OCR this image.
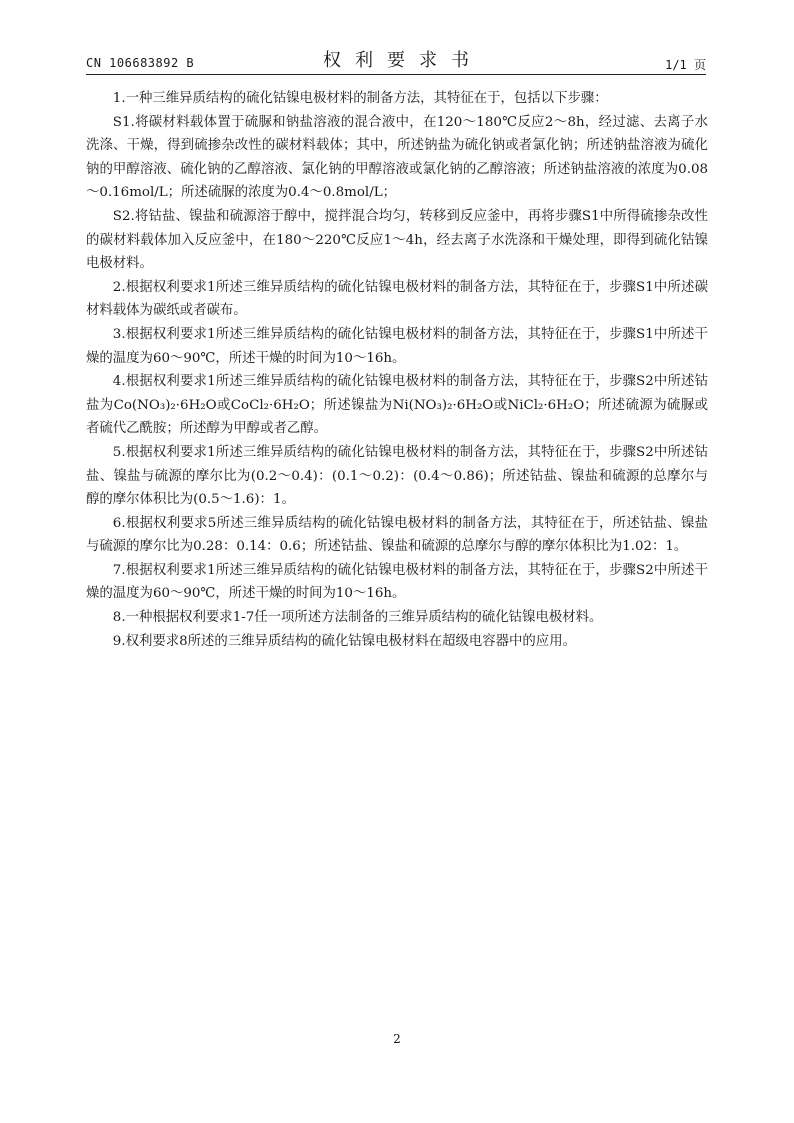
CN 106683892 B	权利要求书	1/1 页

1.一种三维异质结构的硫化钴镍电极材料的制备方法，其特征在于，包括以下步骤：

S1.将碳材料载体置于硫脲和钠盐溶液的混合液中，在120～180℃反应2～8h，经过滤、去离子水洗涤、干燥，得到硫掺杂改性的碳材料载体；其中，所述钠盐为硫化钠或者氯化钠；所述钠盐溶液为硫化钠的甲醇溶液、硫化钠的乙醇溶液、氯化钠的甲醇溶液或氯化钠的乙醇溶液；所述钠盐溶液的浓度为0.08～0.16mol/L；所述硫脲的浓度为0.4～0.8mol/L；

S2.将钴盐、镍盐和硫源溶于醇中，搅拌混合均匀，转移到反应釜中，再将步骤S1中所得硫掺杂改性的碳材料载体加入反应釜中，在180～220℃反应1～4h，经去离子水洗涤和干燥处理，即得到硫化钴镍电极材料。

2.根据权利要求1所述三维异质结构的硫化钴镍电极材料的制备方法，其特征在于，步骤S1中所述碳材料载体为碳纸或者碳布。

3.根据权利要求1所述三维异质结构的硫化钴镍电极材料的制备方法，其特征在于，步骤S1中所述干燥的温度为60～90℃，所述干燥的时间为10～16h。

4.根据权利要求1所述三维异质结构的硫化钴镍电极材料的制备方法，其特征在于，步骤S2中所述钴盐为Co(NO₃)₂·6H₂O或CoCl₂·6H₂O；所述镍盐为Ni(NO₃)₂·6H₂O或NiCl₂·6H₂O；所述硫源为硫脲或者硫代乙酰胺；所述醇为甲醇或者乙醇。

5.根据权利要求1所述三维异质结构的硫化钴镍电极材料的制备方法，其特征在于，步骤S2中所述钴盐、镍盐与硫源的摩尔比为(0.2～0.4)：(0.1～0.2)：(0.4～0.86)；所述钴盐、镍盐和硫源的总摩尔与醇的摩尔体积比为(0.5～1.6)：1。

6.根据权利要求5所述三维异质结构的硫化钴镍电极材料的制备方法，其特征在于，所述钴盐、镍盐与硫源的摩尔比为0.28：0.14：0.6；所述钴盐、镍盐和硫源的总摩尔与醇的摩尔体积比为1.02：1。

7.根据权利要求1所述三维异质结构的硫化钴镍电极材料的制备方法，其特征在于，步骤S2中所述干燥的温度为60～90℃，所述干燥的时间为10～16h。

8.一种根据权利要求1-7任一项所述方法制备的三维异质结构的硫化钴镍电极材料。

9.权利要求8所述的三维异质结构的硫化钴镍电极材料在超级电容器中的应用。

2
